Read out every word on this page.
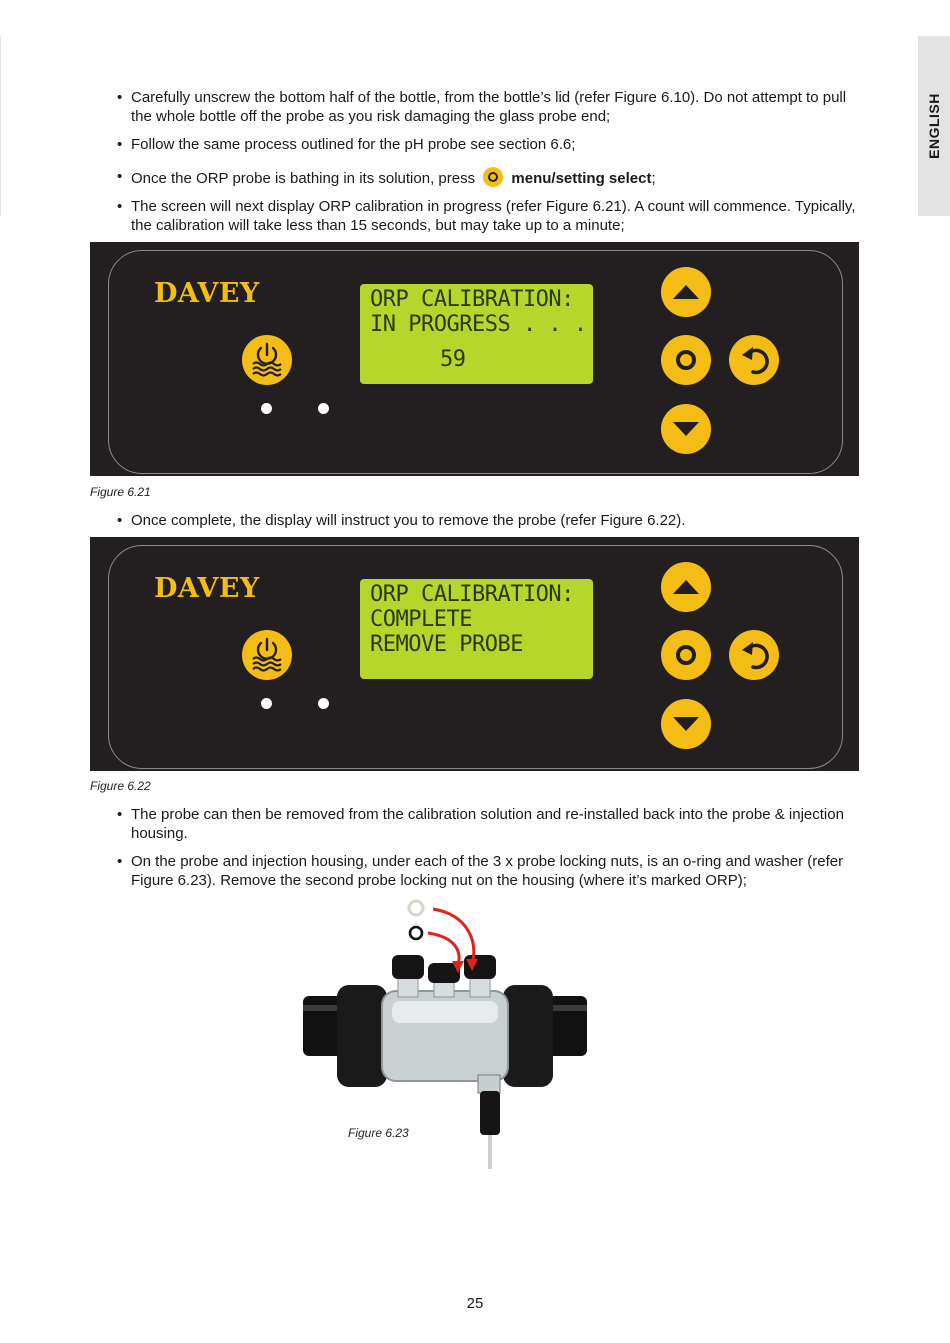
ENGLISH
• Carefully unscrew the bottom half of the bottle, from the bottle’s lid (refer Figure 6.10). Do not attempt to pull the whole bottle off the probe as you risk damaging the glass probe end;
• Follow the same process outlined for the pH probe see section 6.6;
• Once the ORP probe is bathing in its solution, press menu/setting select;
• The screen will next display ORP calibration in progress (refer Figure 6.21). A count will commence. Typically, the calibration will take less than 15 seconds, but may take up to a minute;
DAVEY	ORP CALIBRATION:
IN PROGRESS . . .
59
Figure 6.21
• Once complete, the display will instruct you to remove the probe (refer Figure 6.22).
DAVEY	ORP CALIBRATION:
COMPLETE
REMOVE PROBE
Figure 6.22
• The probe can then be removed from the calibration solution and re-installed back into the probe & injection housing.
• On the probe and injection housing, under each of the 3 x probe locking nuts, is an o-ring and washer (refer Figure 6.23). Remove the second probe locking nut on the housing (where it’s marked ORP);
Figure 6.23
25
